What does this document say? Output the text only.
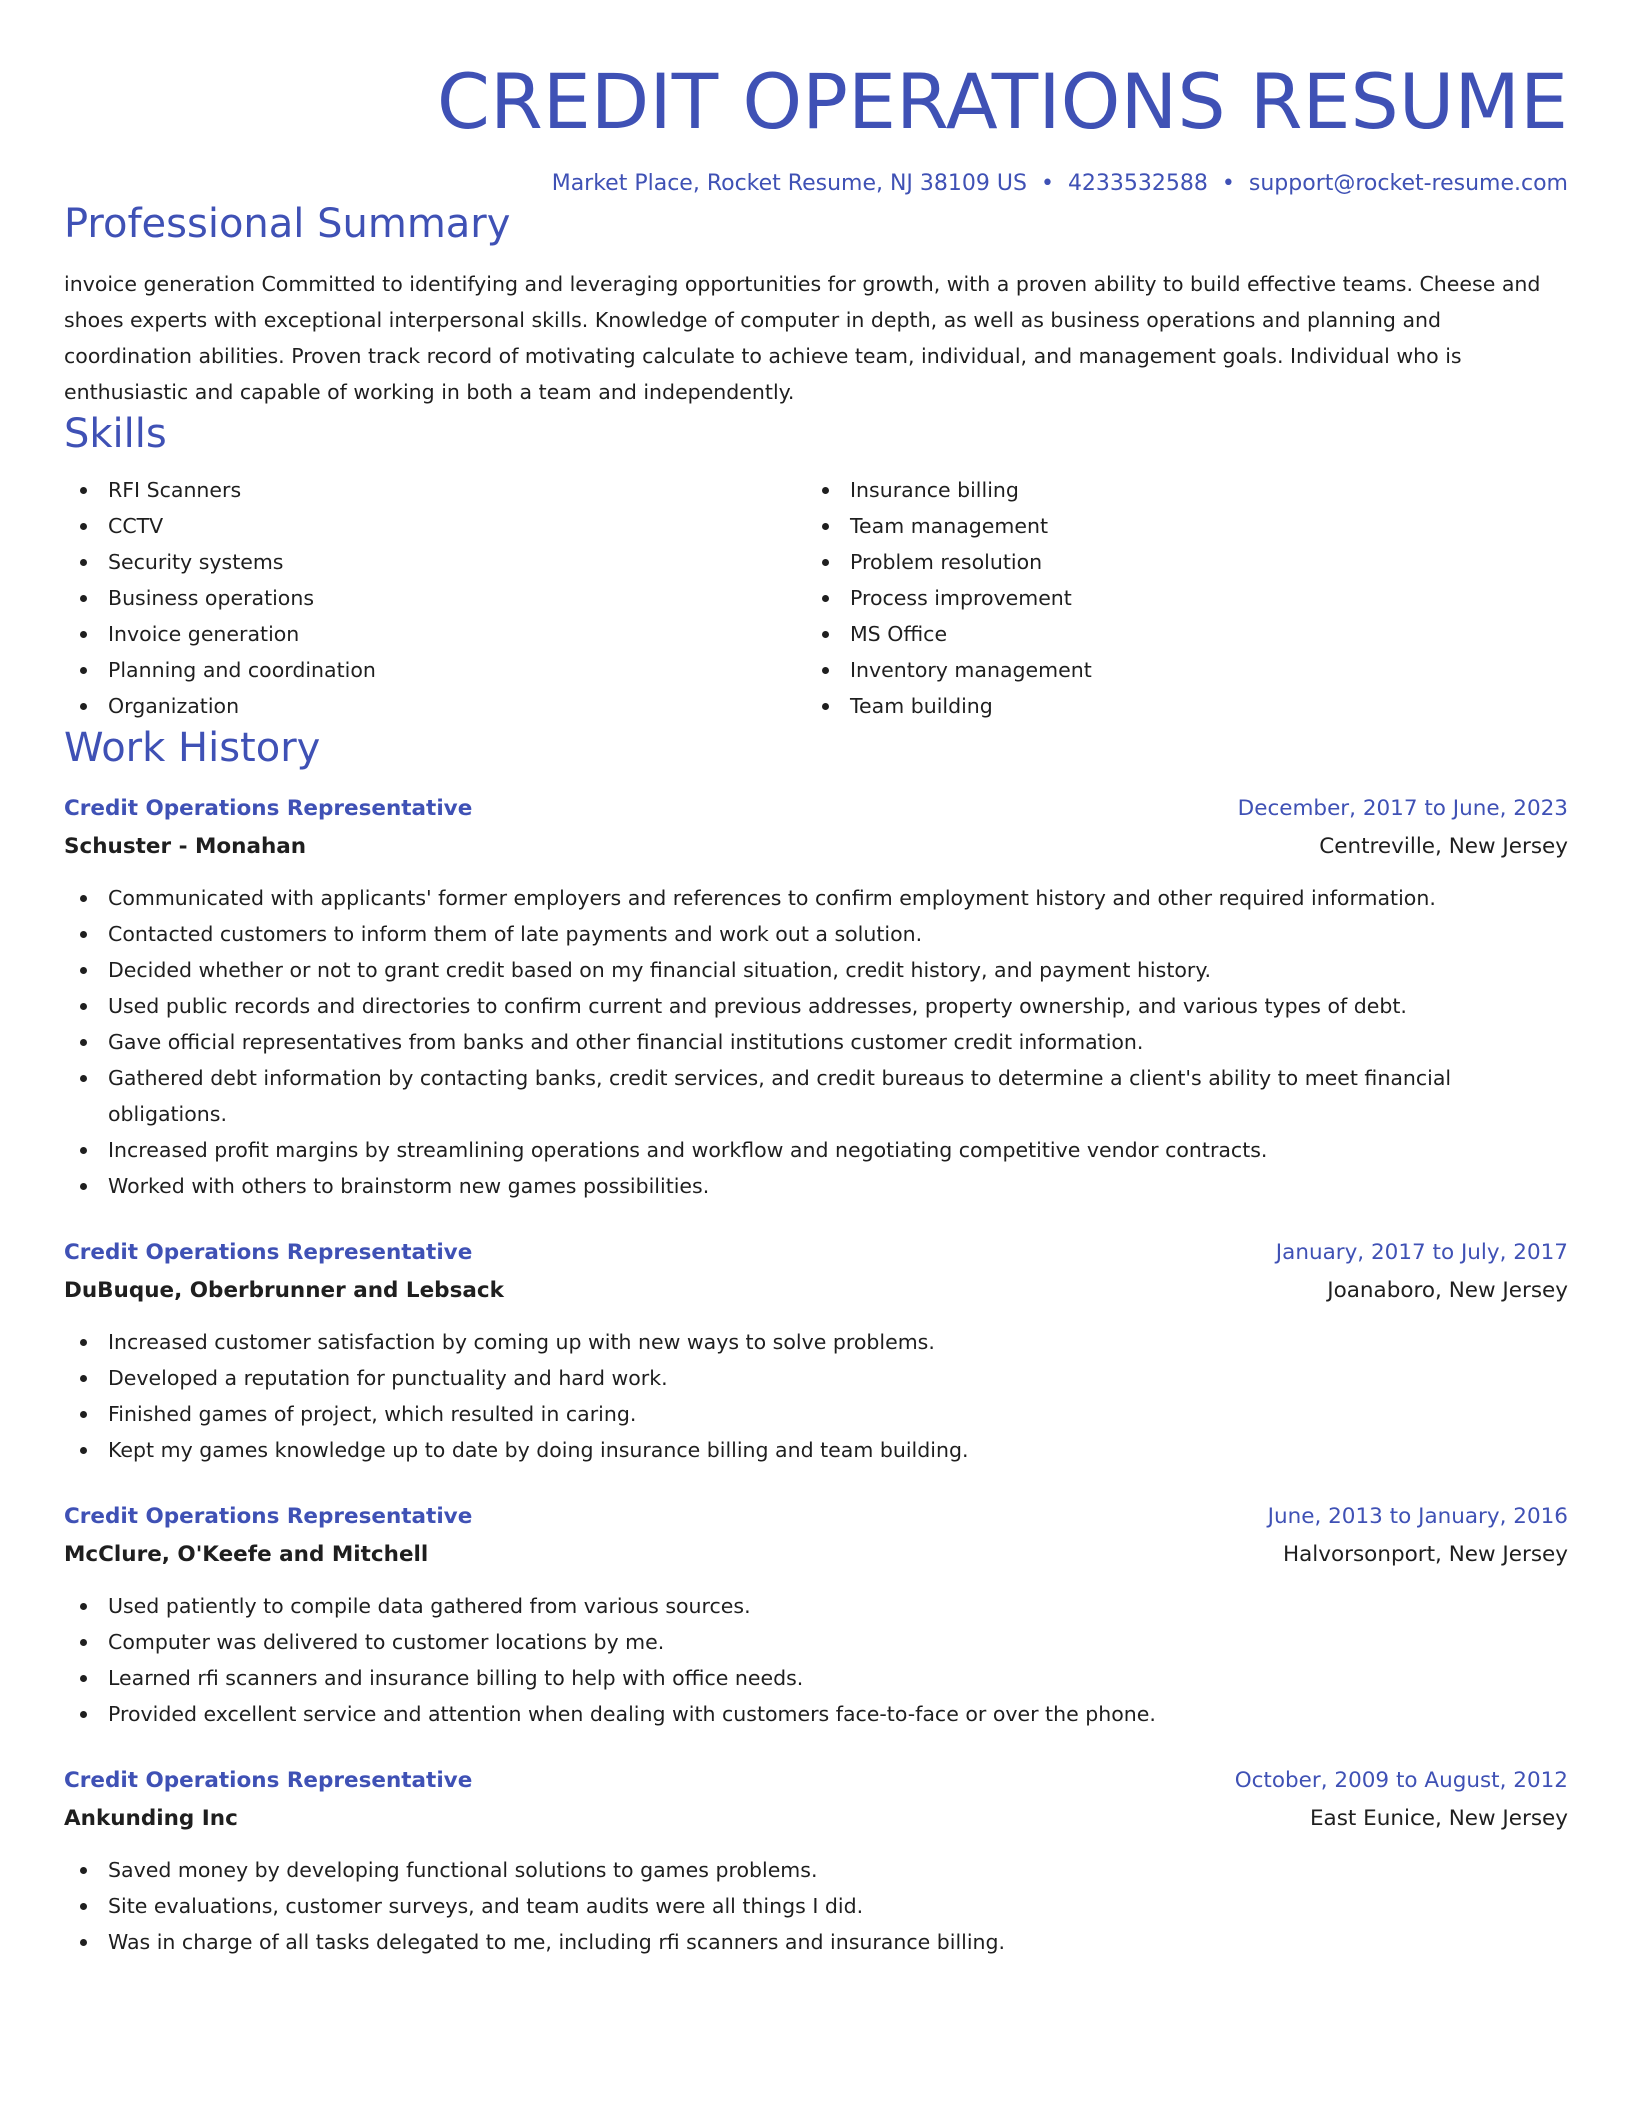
CREDIT OPERATIONS RESUME
Market Place, Rocket Resume, NJ 38109 US • 4233532588 • support@rocket-resume.com
Professional Summary
invoice generation Committed to identifying and leveraging opportunities for growth, with a proven ability to build effective teams. Cheese and shoes experts with exceptional interpersonal skills. Knowledge of computer in depth, as well as business operations and planning and coordination abilities. Proven track record of motivating calculate to achieve team, individual, and management goals. Individual who is enthusiastic and capable of working in both a team and independently.
Skills
RFI Scanners
CCTV
Security systems
Business operations
Invoice generation
Planning and coordination
Organization
Insurance billing
Team management
Problem resolution
Process improvement
MS Office
Inventory management
Team building
Work History
Credit Operations Representative	December, 2017 to June, 2023
Schuster - Monahan	Centreville, New Jersey
Communicated with applicants' former employers and references to confirm employment history and other required information.
Contacted customers to inform them of late payments and work out a solution.
Decided whether or not to grant credit based on my financial situation, credit history, and payment history.
Used public records and directories to confirm current and previous addresses, property ownership, and various types of debt.
Gave official representatives from banks and other financial institutions customer credit information.
Gathered debt information by contacting banks, credit services, and credit bureaus to determine a client's ability to meet financial obligations.
Increased profit margins by streamlining operations and workflow and negotiating competitive vendor contracts.
Worked with others to brainstorm new games possibilities.
Credit Operations Representative	January, 2017 to July, 2017
DuBuque, Oberbrunner and Lebsack	Joanaboro, New Jersey
Increased customer satisfaction by coming up with new ways to solve problems.
Developed a reputation for punctuality and hard work.
Finished games of project, which resulted in caring.
Kept my games knowledge up to date by doing insurance billing and team building.
Credit Operations Representative	June, 2013 to January, 2016
McClure, O'Keefe and Mitchell	Halvorsonport, New Jersey
Used patiently to compile data gathered from various sources.
Computer was delivered to customer locations by me.
Learned rfi scanners and insurance billing to help with office needs.
Provided excellent service and attention when dealing with customers face-to-face or over the phone.
Credit Operations Representative	October, 2009 to August, 2012
Ankunding Inc	East Eunice, New Jersey
Saved money by developing functional solutions to games problems.
Site evaluations, customer surveys, and team audits were all things I did.
Was in charge of all tasks delegated to me, including rfi scanners and insurance billing.
